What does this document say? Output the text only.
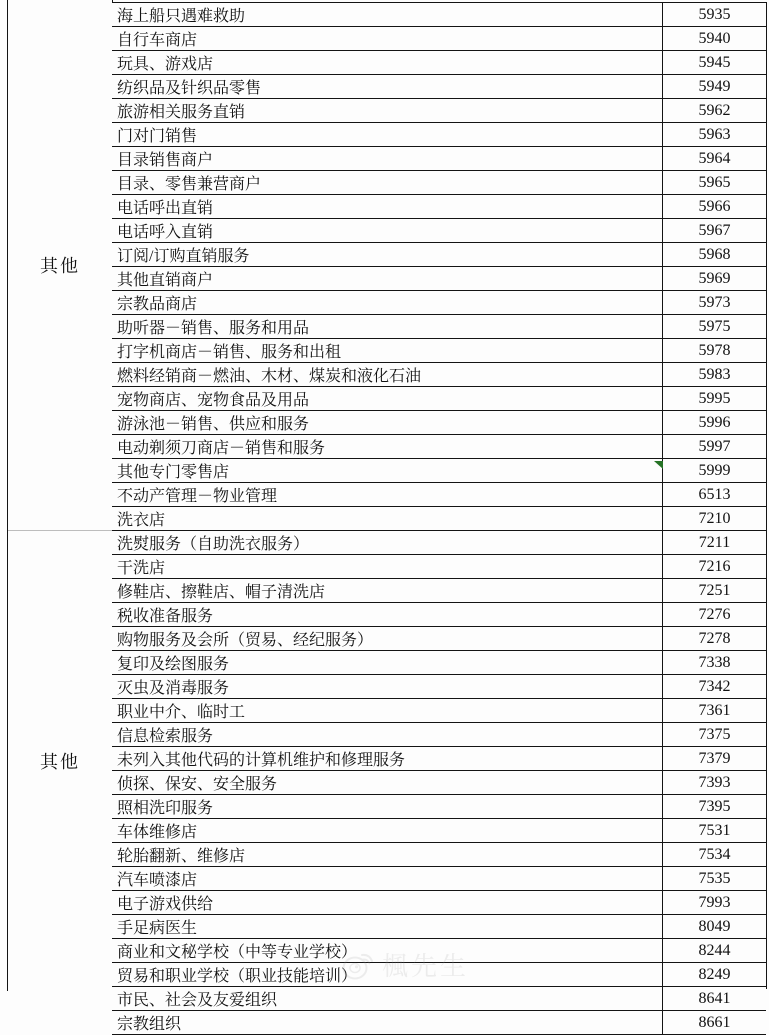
其他
其他
海上船只遇难救助	5935
自行车商店	5940
玩具、游戏店	5945
纺织品及针织品零售	5949
旅游相关服务直销	5962
门对门销售	5963
目录销售商户	5964
目录、零售兼营商户	5965
电话呼出直销	5966
电话呼入直销	5967
订阅/订购直销服务	5968
其他直销商户	5969
宗教品商店	5973
助听器－销售、服务和用品	5975
打字机商店－销售、服务和出租	5978
燃料经销商－燃油、木材、煤炭和液化石油	5983
宠物商店、宠物食品及用品	5995
游泳池－销售、供应和服务	5996
电动剃须刀商店－销售和服务	5997
其他专门零售店	5999
不动产管理－物业管理	6513
洗衣店	7210
洗熨服务（自助洗衣服务）	7211
干洗店	7216
修鞋店、擦鞋店、帽子清洗店	7251
税收准备服务	7276
购物服务及会所（贸易、经纪服务）	7278
复印及绘图服务	7338
灭虫及消毒服务	7342
职业中介、临时工	7361
信息检索服务	7375
未列入其他代码的计算机维护和修理服务	7379
侦探、保安、安全服务	7393
照相洗印服务	7395
车体维修店	7531
轮胎翻新、维修店	7534
汽车喷漆店	7535
电子游戏供给	7993
手足病医生	8049
商业和文秘学校（中等专业学校）	8244
贸易和职业学校（职业技能培训）	8249
市民、社会及友爱组织	8641
宗教组织	8661
